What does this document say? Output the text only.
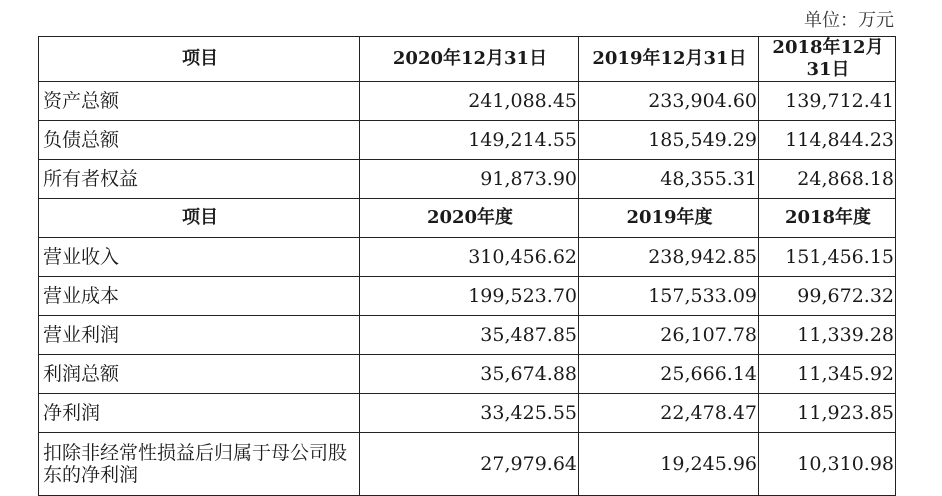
单位：万元
项目	2020年12月31日	2019年12月31日	2018年12月31日
资产总额	241,088.45	233,904.60	139,712.41
负债总额	149,214.55	185,549.29	114,844.23
所有者权益	91,873.90	48,355.31	24,868.18
项目	2020年度	2019年度	2018年度
营业收入	310,456.62	238,942.85	151,456.15
营业成本	199,523.70	157,533.09	99,672.32
营业利润	35,487.85	26,107.78	11,339.28
利润总额	35,674.88	25,666.14	11,345.92
净利润	33,425.55	22,478.47	11,923.85
扣除非经常性损益后归属于母公司股东的净利润	27,979.64	19,245.96	10,310.98
